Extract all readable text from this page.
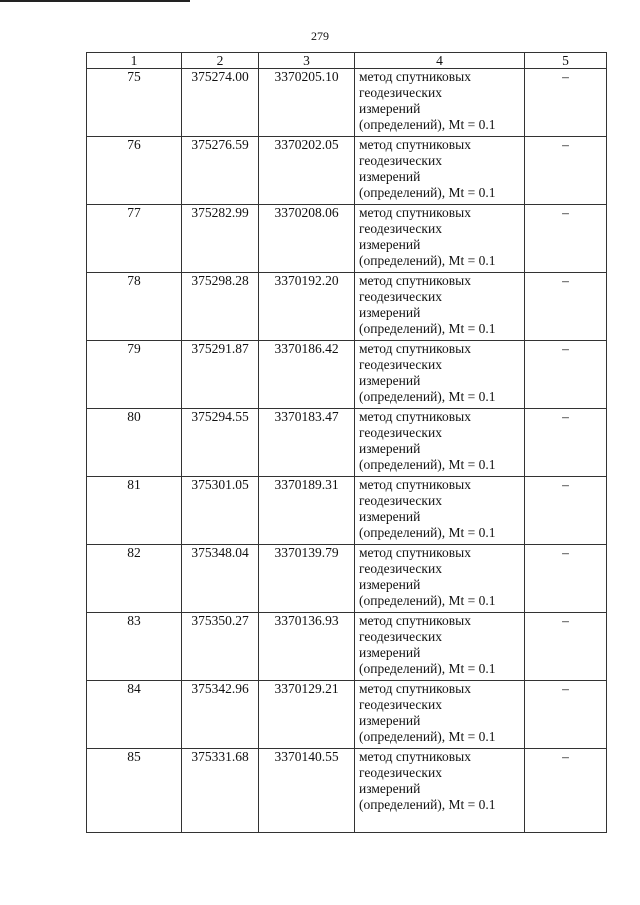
279
1	2	3	4	5
75	375274.00	3370205.10	метод спутниковых
геодезических
измерений
(определений), Mt = 0.1	–
76	375276.59	3370202.05	метод спутниковых
геодезических
измерений
(определений), Mt = 0.1	–
77	375282.99	3370208.06	метод спутниковых
геодезических
измерений
(определений), Mt = 0.1	–
78	375298.28	3370192.20	метод спутниковых
геодезических
измерений
(определений), Mt = 0.1	–
79	375291.87	3370186.42	метод спутниковых
геодезических
измерений
(определений), Mt = 0.1	–
80	375294.55	3370183.47	метод спутниковых
геодезических
измерений
(определений), Mt = 0.1	–
81	375301.05	3370189.31	метод спутниковых
геодезических
измерений
(определений), Mt = 0.1	–
82	375348.04	3370139.79	метод спутниковых
геодезических
измерений
(определений), Mt = 0.1	–
83	375350.27	3370136.93	метод спутниковых
геодезических
измерений
(определений), Mt = 0.1	–
84	375342.96	3370129.21	метод спутниковых
геодезических
измерений
(определений), Mt = 0.1	–
85	375331.68	3370140.55	метод спутниковых
геодезических
измерений
(определений), Mt = 0.1	–
